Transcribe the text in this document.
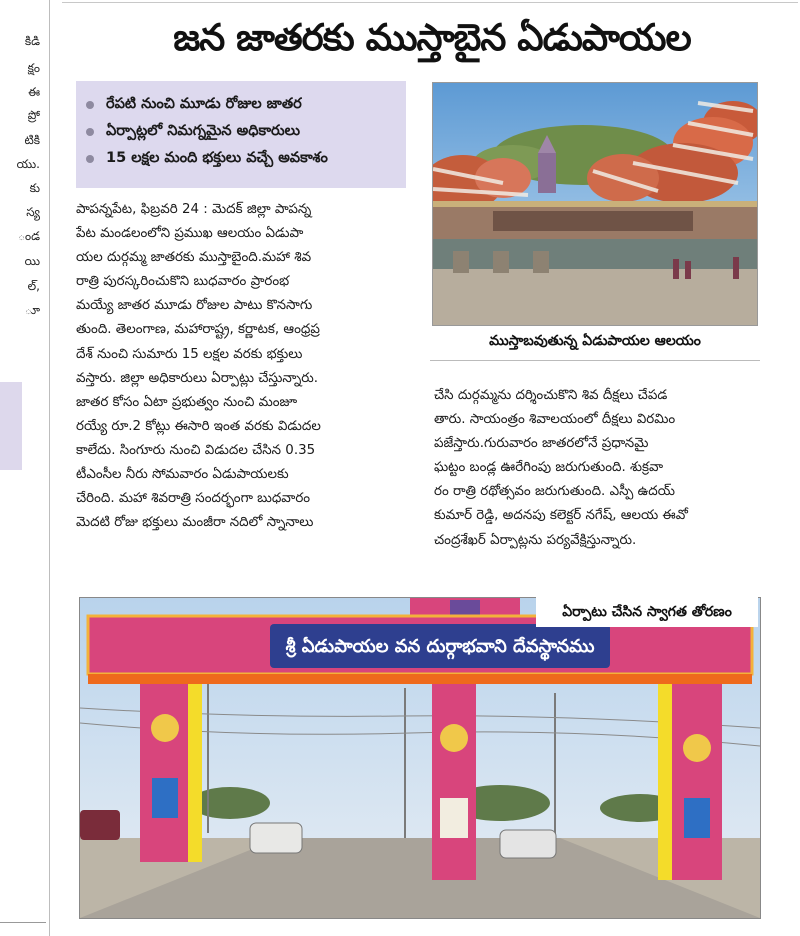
కిడి
క్షం
ఈ
ప్రో
టికి
యు.
కు
స్య
ండ
యి
ల్,
ూ
జన జాతరకు ముస్తాబైన ఏడుపాయల
రేపటి నుంచి మూడు రోజుల జాతర
ఏర్పాట్లలో నిమగ్నమైన అధికారులు
15 లక్షల మంది భక్తులు వచ్చే అవకాశం

పాపన్నపేట, ఫిబ్రవరి 24 : మెదక్ జిల్లా పాపన్న

పేట మండలంలోని ప్రముఖ ఆలయం ఏడుపా

యల దుర్గమ్మ జాతరకు ముస్తాబైంది.మహా శివ

రాత్రి పురస్కరించుకొని బుధవారం ప్రారంభ

మయ్యే జాతర మూడు రోజుల పాటు కొనసాగు

తుంది. తెలంగాణ, మహారాష్ట్ర, కర్ణాటక, ఆంధ్రప్ర

దేశ్ నుంచి సుమారు 15 లక్షల వరకు భక్తులు

వస్తారు. జిల్లా అధికారులు ఏర్పాట్లు చేస్తున్నారు.

జాతర కోసం ఏటా ప్రభుత్వం నుంచి మంజూ

రయ్యే రూ.2 కోట్లు ఈసారి ఇంత వరకు విడుదల

కాలేదు. సింగూరు నుంచి విడుదల చేసిన 0.35

టీఎంసీల నీరు సోమవారం ఏడుపాయలకు

చేరింది. మహా శివరాత్రి సందర్భంగా బుధవారం

మెదటి రోజు భక్తులు మంజీరా నదిలో స్నానాలు

ముస్తాబవుతున్న ఏడుపాయల ఆలయం

చేసి దుర్గమ్మను దర్శించుకొని శివ దీక్షలు చేపడ

తారు. సాయంత్రం శివాలయంలో దీక్షలు విరమిం

పజేస్తారు.గురువారం జాతరలోనే ప్రధానమై

ఘట్టం బండ్ల ఊరేగింపు జరుగుతుంది. శుక్రవా

రం రాత్రి రథోత్సవం జరుగుతుంది. ఎస్పీ ఉదయ్

కుమార్ రెడ్డి, అదనపు కలెక్టర్ నగేష్, ఆలయ ఈవో

చంద్రశేఖర్ ఏర్పాట్లను పర్యవేక్షిస్తున్నారు.

శ్రీ ఏడుపాయల వన దుర్గాభవాని దేవస్థానము
ఏర్పాటు చేసిన స్వాగత తోరణం
